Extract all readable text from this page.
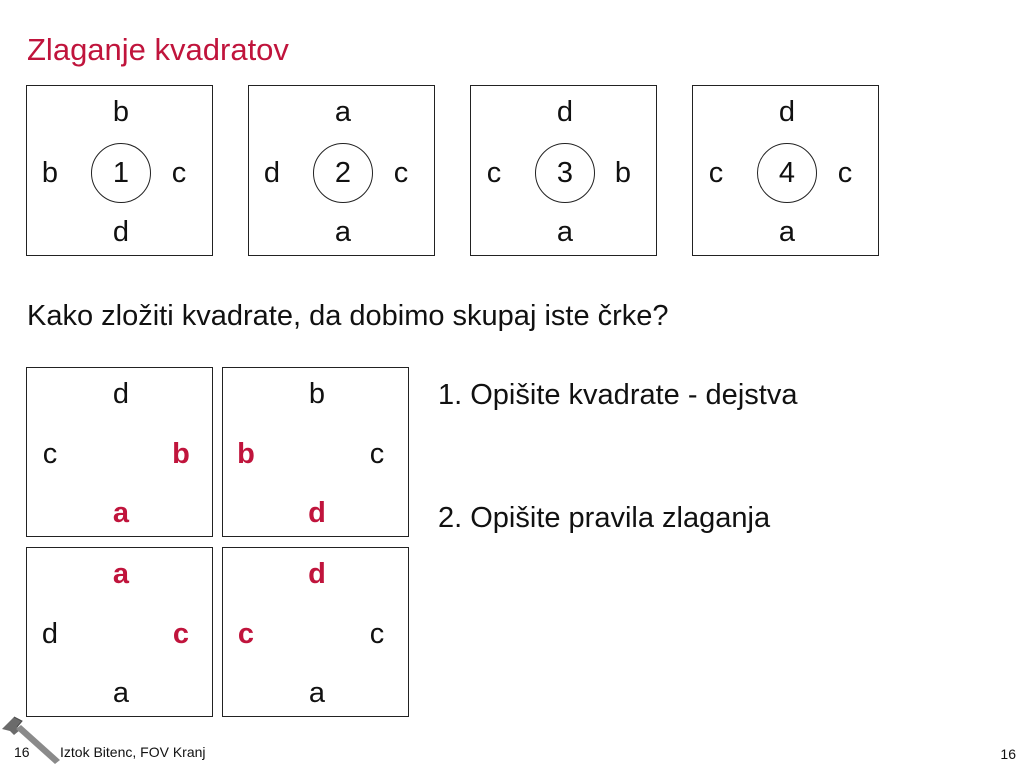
Zlaganje kvadratov
b
b 1 c
d
a
d 2 c
a
d
c 3 b
a
d
c 4 c
a
Kako zložiti kvadrate, da dobimo skupaj iste črke?
d
c	b
a
b
b	c
d
a
d	c
a
d
c	c
a
1. Opišite kvadrate - dejstva
2. Opišite pravila zlaganja
16 Iztok Bitenc, FOV Kranj	16
